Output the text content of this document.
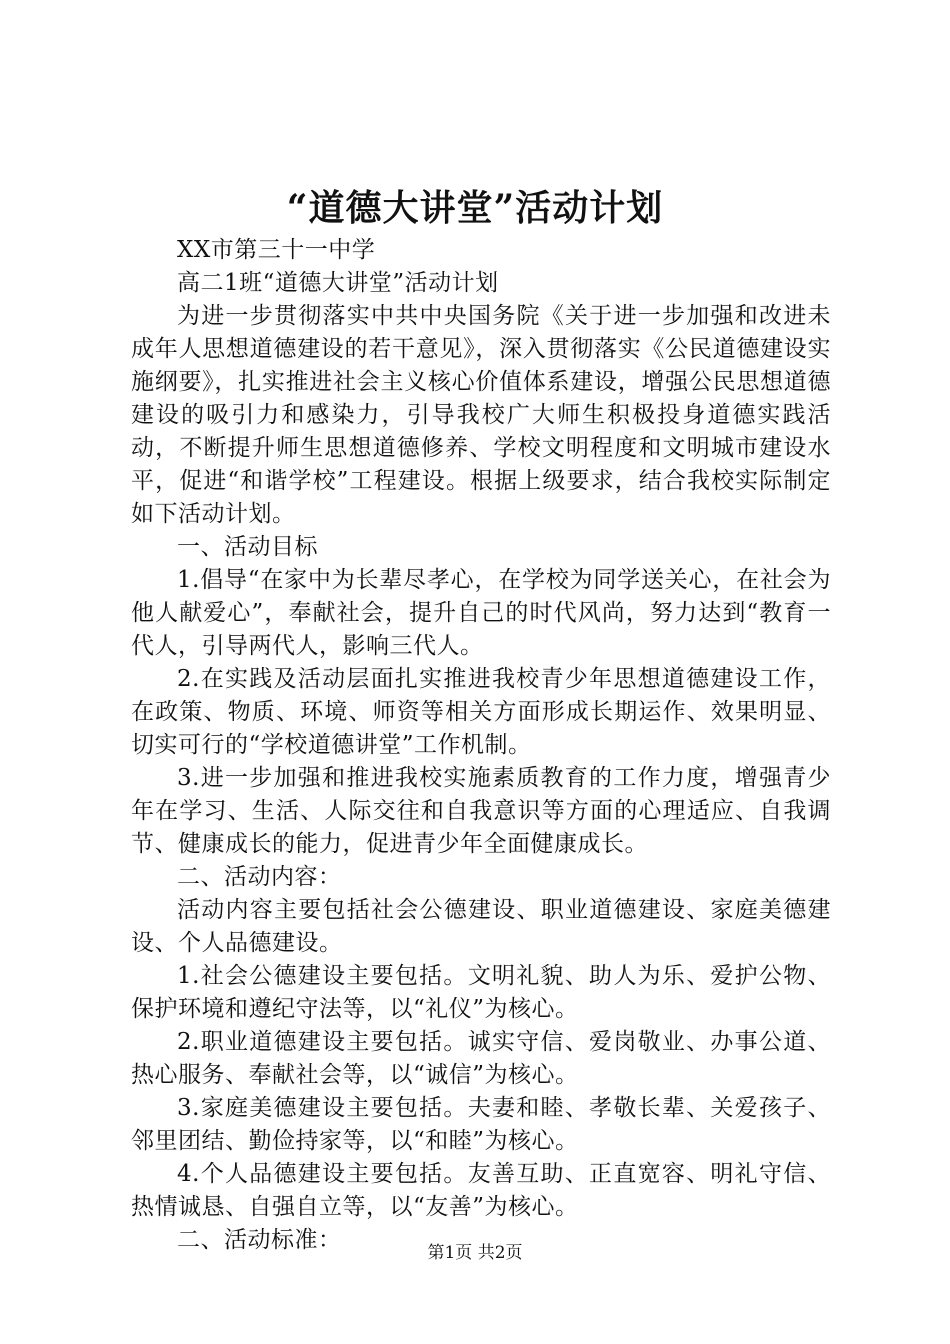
“道德大讲堂”活动计划

XX市第三十一中学

高二1班“道德大讲堂”活动计划

为进一步贯彻落实中共中央国务院《关于进一步加强和改进未成年人思想道德建设的若干意见》，深入贯彻落实《公民道德建设实施纲要》，扎实推进社会主义核心价值体系建设，增强公民思想道德建设的吸引力和感染力，引导我校广大师生积极投身道德实践活动，不断提升师生思想道德修养、学校文明程度和文明城市建设水平，促进“和谐学校”工程建设。根据上级要求，结合我校实际制定如下活动计划。

一、活动目标

1.倡导“在家中为长辈尽孝心，在学校为同学送关心，在社会为他人献爱心”，奉献社会，提升自己的时代风尚，努力达到“教育一代人，引导两代人，影响三代人。

2.在实践及活动层面扎实推进我校青少年思想道德建设工作，在政策、物质、环境、师资等相关方面形成长期运作、效果明显、切实可行的“学校道德讲堂”工作机制。

3.进一步加强和推进我校实施素质教育的工作力度，增强青少年在学习、生活、人际交往和自我意识等方面的心理适应、自我调节、健康成长的能力，促进青少年全面健康成长。

二、活动内容：

活动内容主要包括社会公德建设、职业道德建设、家庭美德建设、个人品德建设。

1.社会公德建设主要包括。文明礼貌、助人为乐、爱护公物、保护环境和遵纪守法等，以“礼仪”为核心。

2.职业道德建设主要包括。诚实守信、爱岗敬业、办事公道、热心服务、奉献社会等，以“诚信”为核心。

3.家庭美德建设主要包括。夫妻和睦、孝敬长辈、关爱孩子、邻里团结、勤俭持家等，以“和睦”为核心。

4.个人品德建设主要包括。友善互助、正直宽容、明礼守信、热情诚恳、自强自立等，以“友善”为核心。

二、活动标准：	第1页 共2页
